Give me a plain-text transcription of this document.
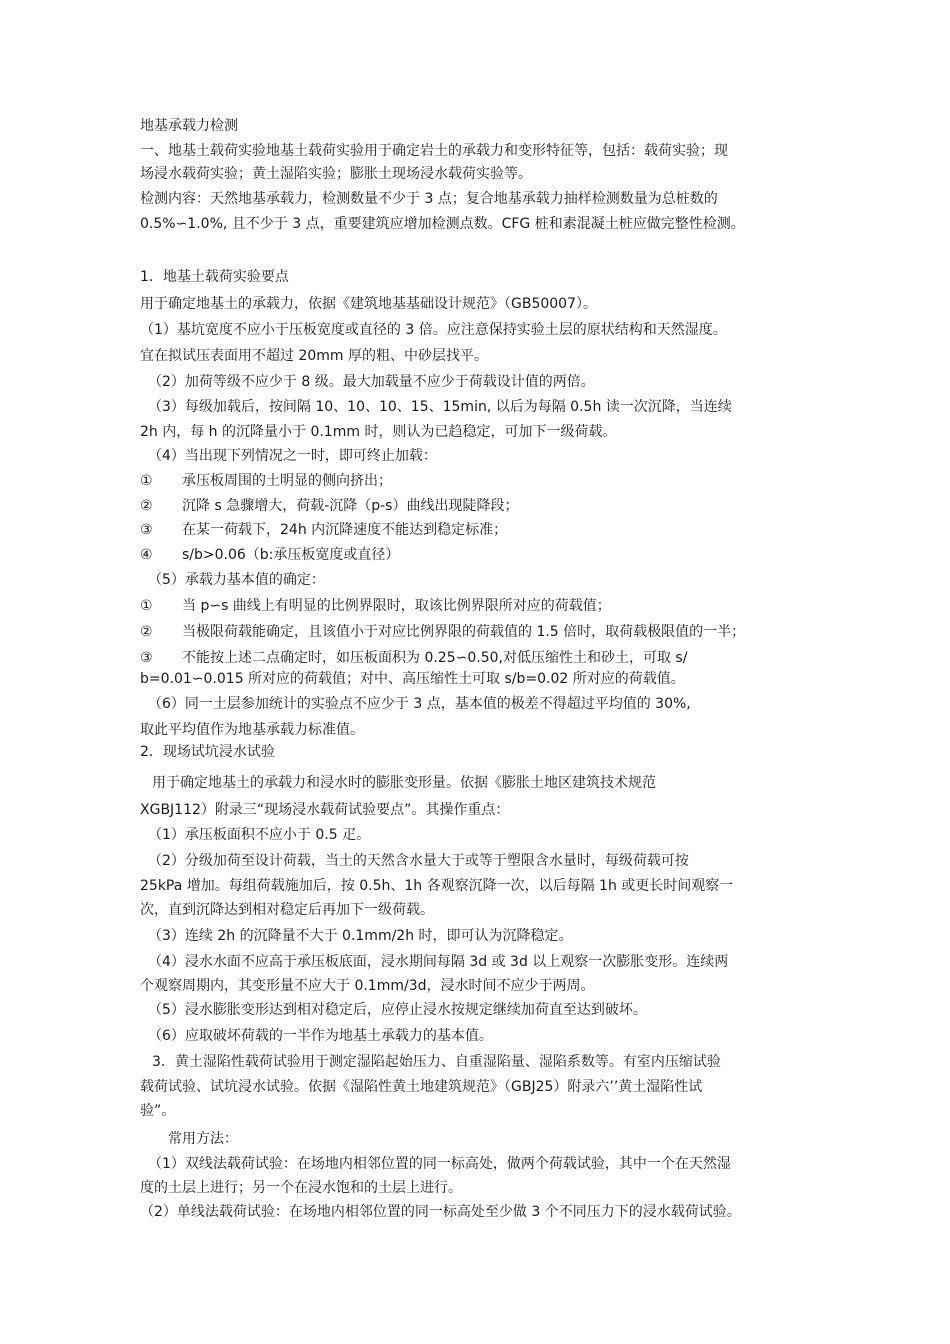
地基承载力检测
一、地基土载荷实验地基土载荷实验用于确定岩土的承载力和变形特征等，包括：载荷实验；现
场浸水载荷实验；黄土湿陷实验；膨胀土现场浸水载荷实验等。
检测内容：天然地基承载力，检测数量不少于 3 点；复合地基承载力抽样检测数量为总桩数的
0.5%∽1.0%, 且不少于 3 点，重要建筑应增加检测点数。CFG 桩和素混凝土桩应做完整性检测。
1．地基土载荷实验要点
用于确定地基土的承载力，依据《建筑地基基础设计规范》（GB50007）。
（1）基坑宽度不应小于压板宽度或直径的 3 倍。应注意保持实验土层的原状结构和天然湿度。
宜在拟试压表面用不超过 20mm 厚的粗、中砂层找平。
（2）加荷等级不应少于 8 级。最大加载量不应少于荷载设计值的两倍。
（3）每级加载后，按间隔 10、10、10、15、15min, 以后为每隔 0.5h 读一次沉降，当连续
2h 内，每 h 的沉降量小于 0.1mm 时，则认为已趋稳定，可加下一级荷载。
（4）当出现下列情况之一时，即可终止加载：
① 承压板周围的土明显的侧向挤出；
② 沉降 s 急骤增大，荷载-沉降（p-s）曲线出现陡降段；
③ 在某一荷载下，24h 内沉降速度不能达到稳定标准；
④ s/b>0.06（b:承压板宽度或直径）
（5）承载力基本值的确定：
① 当 p∽s 曲线上有明显的比例界限时，取该比例界限所对应的荷载值；
② 当极限荷载能确定，且该值小于对应比例界限的荷载值的 1.5 倍时，取荷载极限值的一半；
③ 不能按上述二点确定时，如压板面积为 0.25∽0.50,对低压缩性土和砂土，可取 s/
b=0.01∽0.015 所对应的荷载值；对中、高压缩性土可取 s/b=0.02 所对应的荷载值。
（6）同一土层参加统计的实验点不应少于 3 点，基本值的极差不得超过平均值的 30%,
取此平均值作为地基承载力标准值。
2．现场试坑浸水试验
用于确定地基土的承载力和浸水时的膨胀变形量。依据《膨胀土地区建筑技术规范
ⅩGBJ112）附录三“现场浸水载荷试验要点”。其操作重点：
（1）承压板面积不应小于 0.5 疋。
（2）分级加荷至设计荷载，当土的天然含水量大于或等于塑限含水量时，每级荷载可按
25kPa 增加。每组荷载施加后，按 0.5h、1h 各观察沉降一次，以后每隔 1h 或更长时间观察一
次，直到沉降达到相对稳定后再加下一级荷载。
（3）连续 2h 的沉降量不大于 0.1mm/2h 时，即可认为沉降稳定。
（4）浸水水面不应高于承压板底面，浸水期间每隔 3d 或 3d 以上观察一次膨胀变形。连续两
个观察周期内，其变形量不应大于 0.1mm/3d，浸水时间不应少于两周。
（5）浸水膨胀变形达到相对稳定后，应停止浸水按规定继续加荷直至达到破坏。
（6）应取破坏荷载的一半作为地基土承载力的基本值。
3．黄土湿陷性载荷试验用于测定湿陷起始压力、自重湿陷量、湿陷系数等。有室内压缩试验
载荷试验、试坑浸水试验。依据《湿陷性黄土地建筑规范》（GBJ25）附录六’’黄土湿陷性试
验”。
常用方法：
（1）双线法载荷试验：在场地内相邻位置的同一标高处，做两个荷载试验，其中一个在天然湿
度的土层上进行；另一个在浸水饱和的土层上进行。
（2）单线法载荷试验：在场地内相邻位置的同一标高处至少做 3 个不同压力下的浸水载荷试验。
